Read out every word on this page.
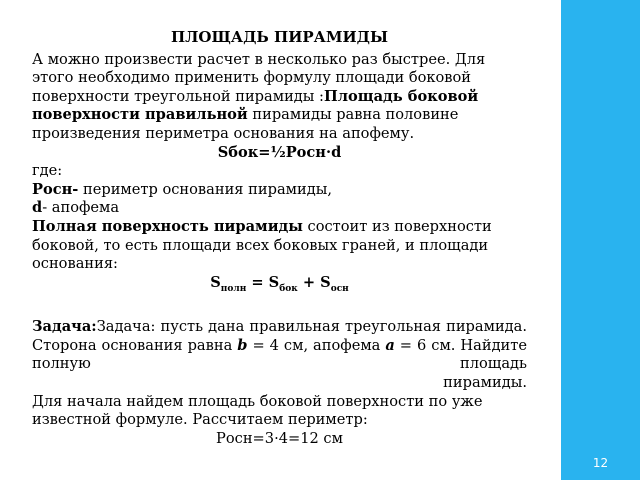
ПЛОЩАДЬ ПИРАМИДЫ
А можно произвести расчет в несколько раз быстрее. Для этого необходимо применить формулу площади боковой поверхности треугольной пирамиды :Площадь боковой поверхности правильной пирамиды равна половине произведения периметра основания на апофему.
Sбок=½Pосн·d
где:
Pосн- периметр основания пирамиды,
d- апофема
Полная поверхность пирамиды состоит из поверхности боковой, то есть площади всех боковых граней, и площади основания:
$S_{полн} = S_{бок} + S_{осн}$
Задача:Задача: пусть дана правильная треугольная пирамида. Сторона основания равна b = 4 см, апофема a = 6 см. Найдите полную площадь
пирамиды.
Для начала найдем площадь боковой поверхности по уже известной формуле. Рассчитаем периметр:
Pосн=3·4=12 см
12
